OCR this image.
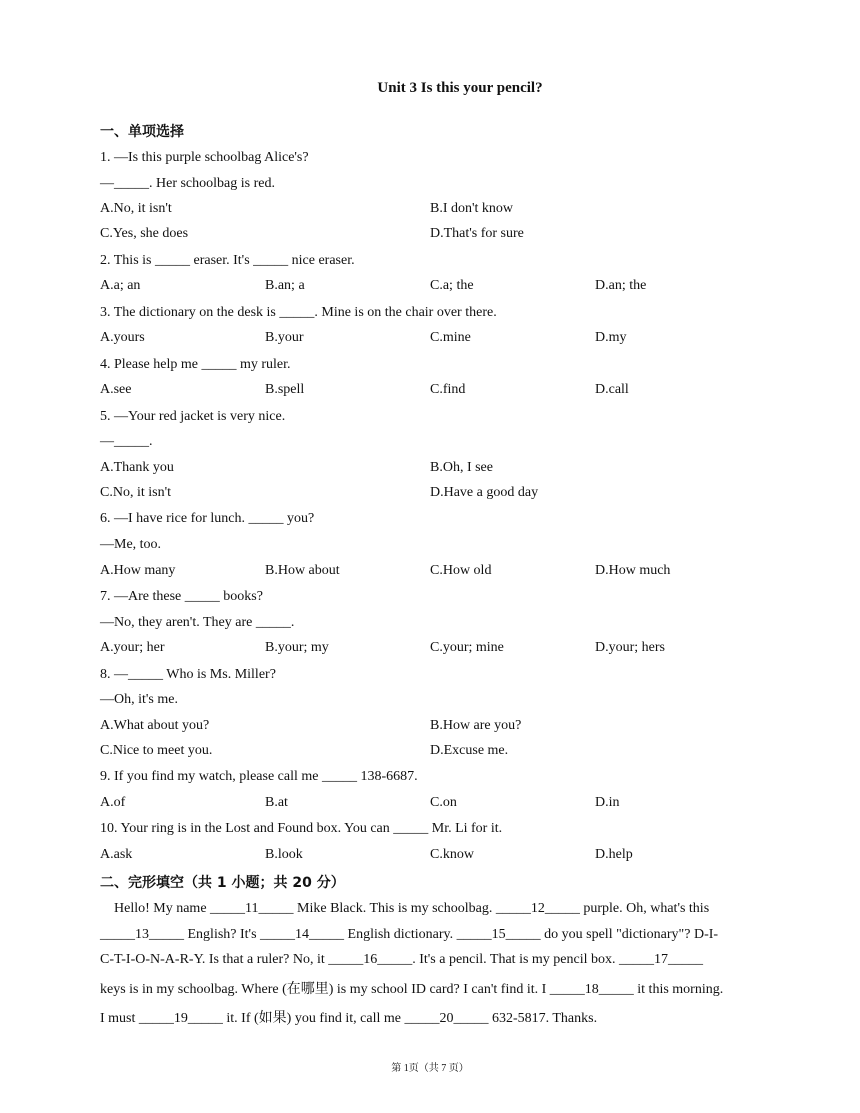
Unit 3 Is this your pencil?
一、单项选择
1. —Is this purple schoolbag Alice's?
—_____. Her schoolbag is red.
A.No, it isn't	B.I don't know
C.Yes, she does	D.That's for sure
2. This is _____ eraser. It's _____ nice eraser.
A.a; an	B.an; a	C.a; the	D.an; the
3. The dictionary on the desk is _____. Mine is on the chair over there.
A.yours	B.your	C.mine	D.my
4. Please help me _____ my ruler.
A.see	B.spell	C.find	D.call
5. —Your red jacket is very nice.
—_____.
A.Thank you	B.Oh, I see
C.No, it isn't	D.Have a good day
6. —I have rice for lunch. _____ you?
—Me, too.
A.How many	B.How about	C.How old	D.How much
7. —Are these _____ books?
—No, they aren't. They are _____.
A.your; her	B.your; my	C.your; mine	D.your; hers
8. —_____ Who is Ms. Miller?
—Oh, it's me.
A.What about you?	B.How are you?
C.Nice to meet you.	D.Excuse me.
9. If you find my watch, please call me _____ 138-6687.
A.of	B.at	C.on	D.in
10. Your ring is in the Lost and Found box. You can _____ Mr. Li for it.
A.ask	B.look	C.know	D.help
二、完形填空（共 1 小题；共 20 分）
Hello! My name _____11_____ Mike Black. This is my schoolbag. _____12_____ purple. Oh, what's this
_____13_____ English? It's _____14_____ English dictionary. _____15_____ do you spell "dictionary"? D-I-
C-T-I-O-N-A-R-Y. Is that a ruler? No, it _____16_____. It's a pencil. That is my pencil box. _____17_____
keys is in my schoolbag. Where (在哪里) is my school ID card? I can't find it. I _____18_____ it this morning.
I must _____19_____ it. If (如果) you find it, call me _____20_____ 632-5817. Thanks.
第 1页（共 7 页）
